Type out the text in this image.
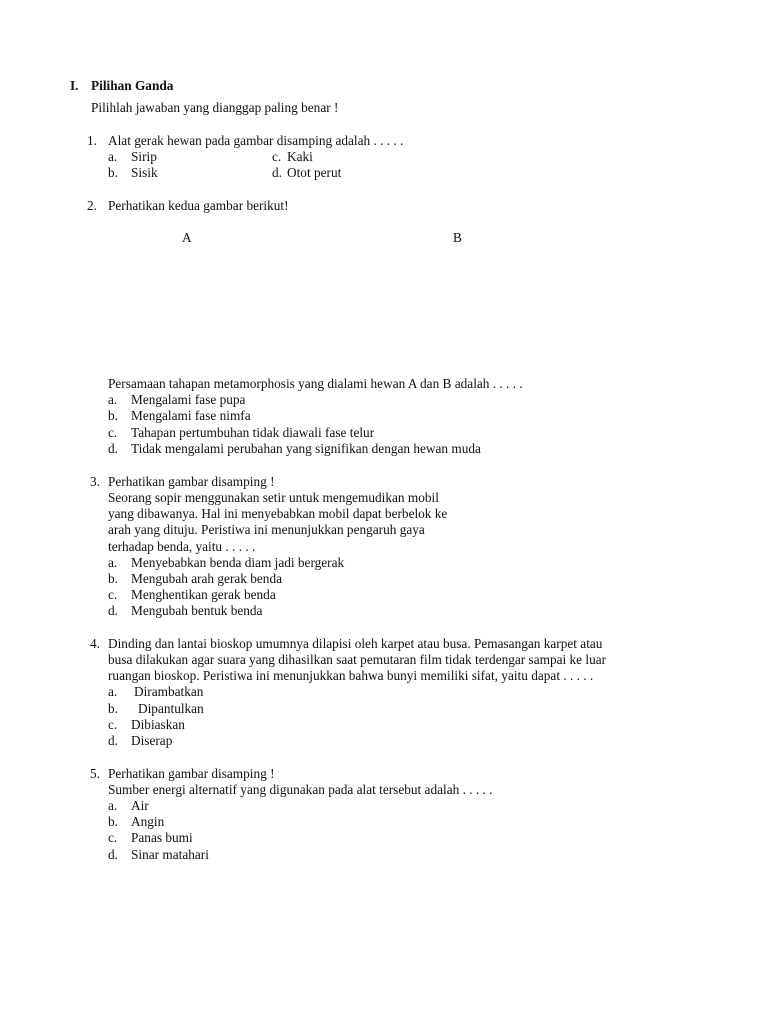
I. Pilihan Ganda
Pilihlah jawaban yang dianggap paling benar !
1. Alat gerak hewan pada gambar disamping adalah . . . . .
a. Sirip
b. Sisik
c. Kaki
d. Otot perut
2. Perhatikan kedua gambar berikut!
A	B
Persamaan tahapan metamorphosis yang dialami hewan A dan B adalah . . . . .
a. Mengalami fase pupa
b. Mengalami fase nimfa
c. Tahapan pertumbuhan tidak diawali fase telur
d. Tidak mengalami perubahan yang signifikan dengan hewan muda
3. Perhatikan gambar disamping !
Seorang sopir menggunakan setir untuk mengemudikan mobil
yang dibawanya. Hal ini menyebabkan mobil dapat berbelok ke
arah yang dituju. Peristiwa ini menunjukkan pengaruh gaya
terhadap benda, yaitu . . . . .
a. Menyebabkan benda diam jadi bergerak
b. Mengubah arah gerak benda
c. Menghentikan gerak benda
d. Mengubah bentuk benda
4. Dinding dan lantai bioskop umumnya dilapisi oleh karpet atau busa. Pemasangan karpet atau
busa dilakukan agar suara yang dihasilkan saat pemutaran film tidak terdengar sampai ke luar
ruangan bioskop. Peristiwa ini menunjukkan bahwa bunyi memiliki sifat, yaitu dapat . . . . .
a. Dirambatkan
b. Dipantulkan
c. Dibiaskan
d. Diserap
5. Perhatikan gambar disamping !
Sumber energi alternatif yang digunakan pada alat tersebut adalah . . . . .
a. Air
b. Angin
c. Panas bumi
d. Sinar matahari
